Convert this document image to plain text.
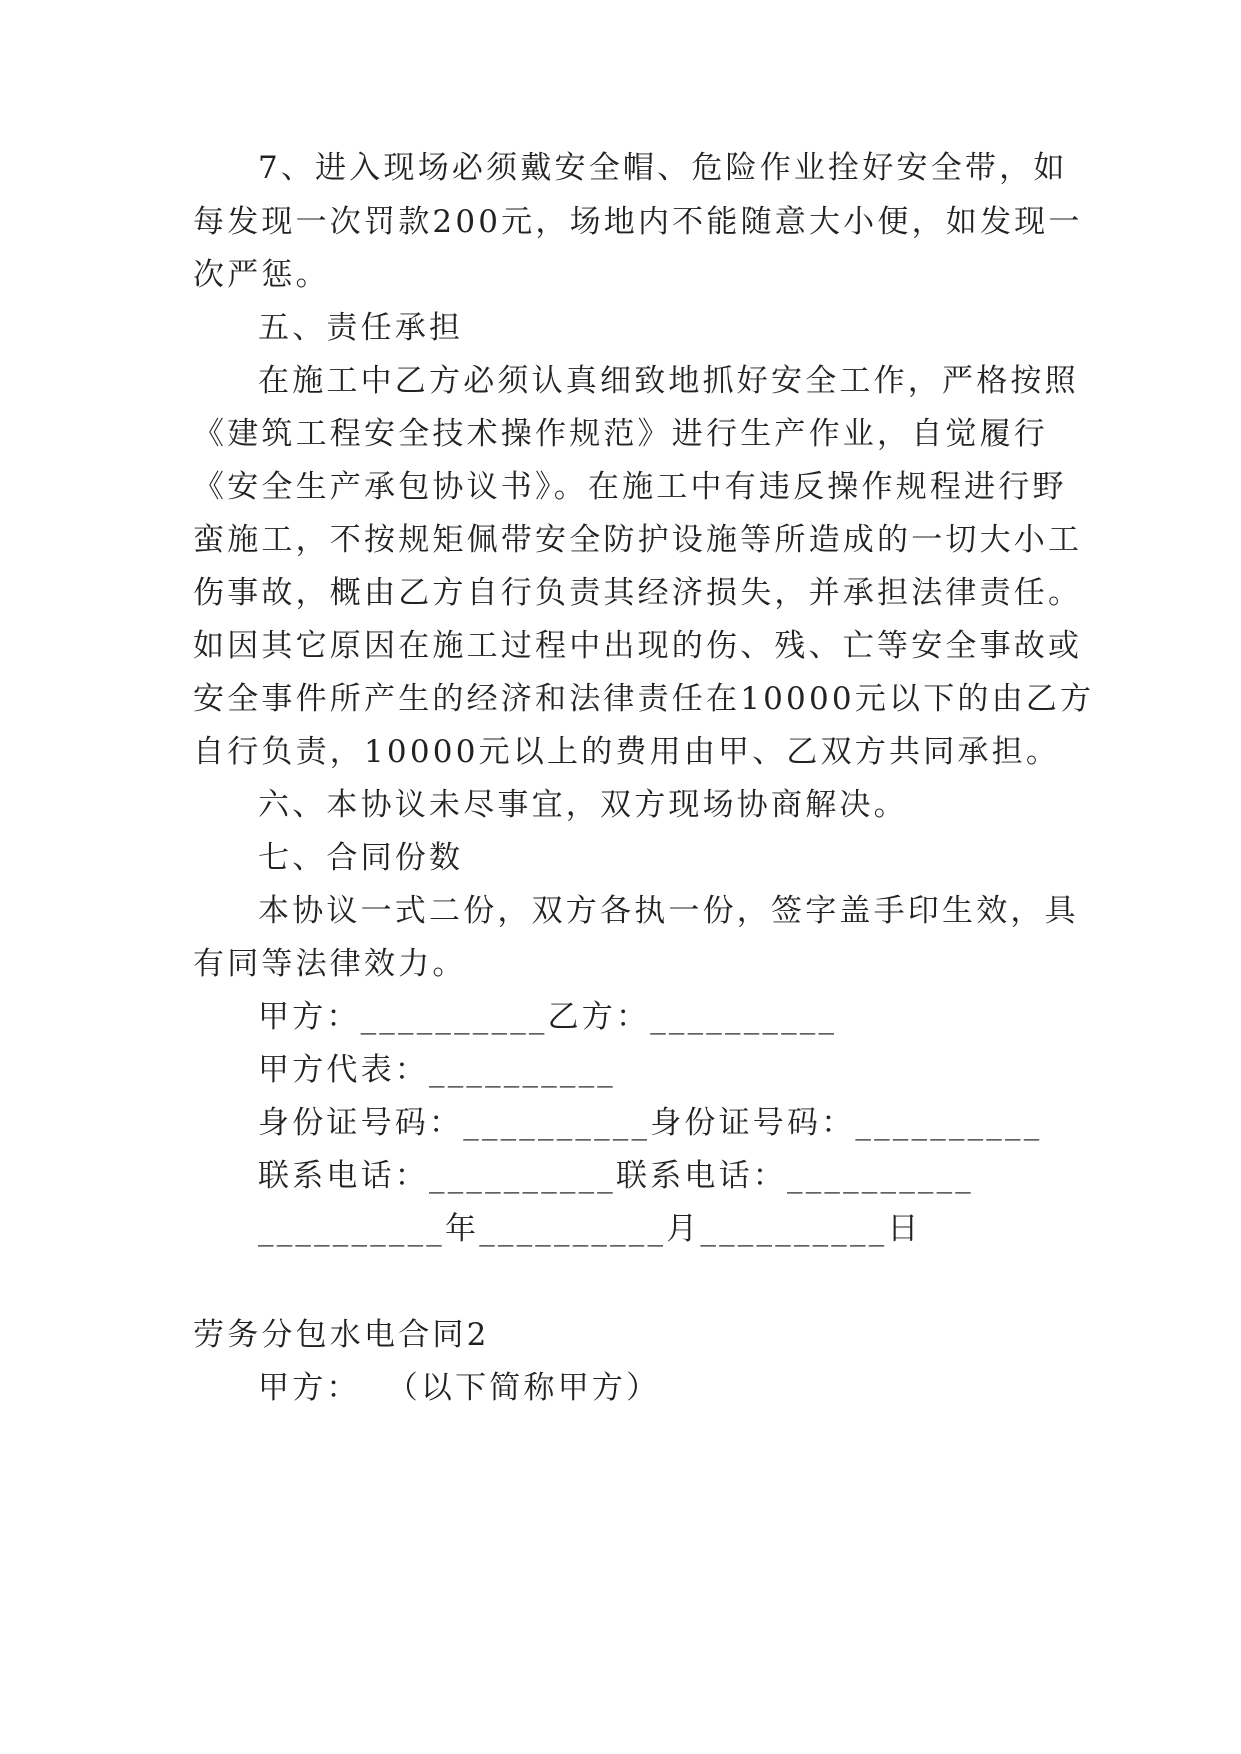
7、进入现场必须戴安全帽、危险作业拴好安全带，如
每发现一次罚款200元，场地内不能随意大小便，如发现一
次严惩。
五、责任承担
在施工中乙方必须认真细致地抓好安全工作，严格按照
《建筑工程安全技术操作规范》进行生产作业，自觉履行
《安全生产承包协议书》。在施工中有违反操作规程进行野
蛮施工，不按规矩佩带安全防护设施等所造成的一切大小工
伤事故，概由乙方自行负责其经济损失，并承担法律责任。
如因其它原因在施工过程中出现的伤、残、亡等安全事故或
安全事件所产生的经济和法律责任在10000元以下的由乙方
自行负责，10000元以上的费用由甲、乙双方共同承担。
六、本协议未尽事宜，双方现场协商解决。
七、合同份数
本协议一式二份，双方各执一份，签字盖手印生效，具
有同等法律效力。
甲方：__________乙方：__________
甲方代表：__________
身份证号码：__________身份证号码：__________
联系电话：__________联系电话：__________
__________年__________月__________日
劳务分包水电合同2
甲方：  （以下简称甲方）
